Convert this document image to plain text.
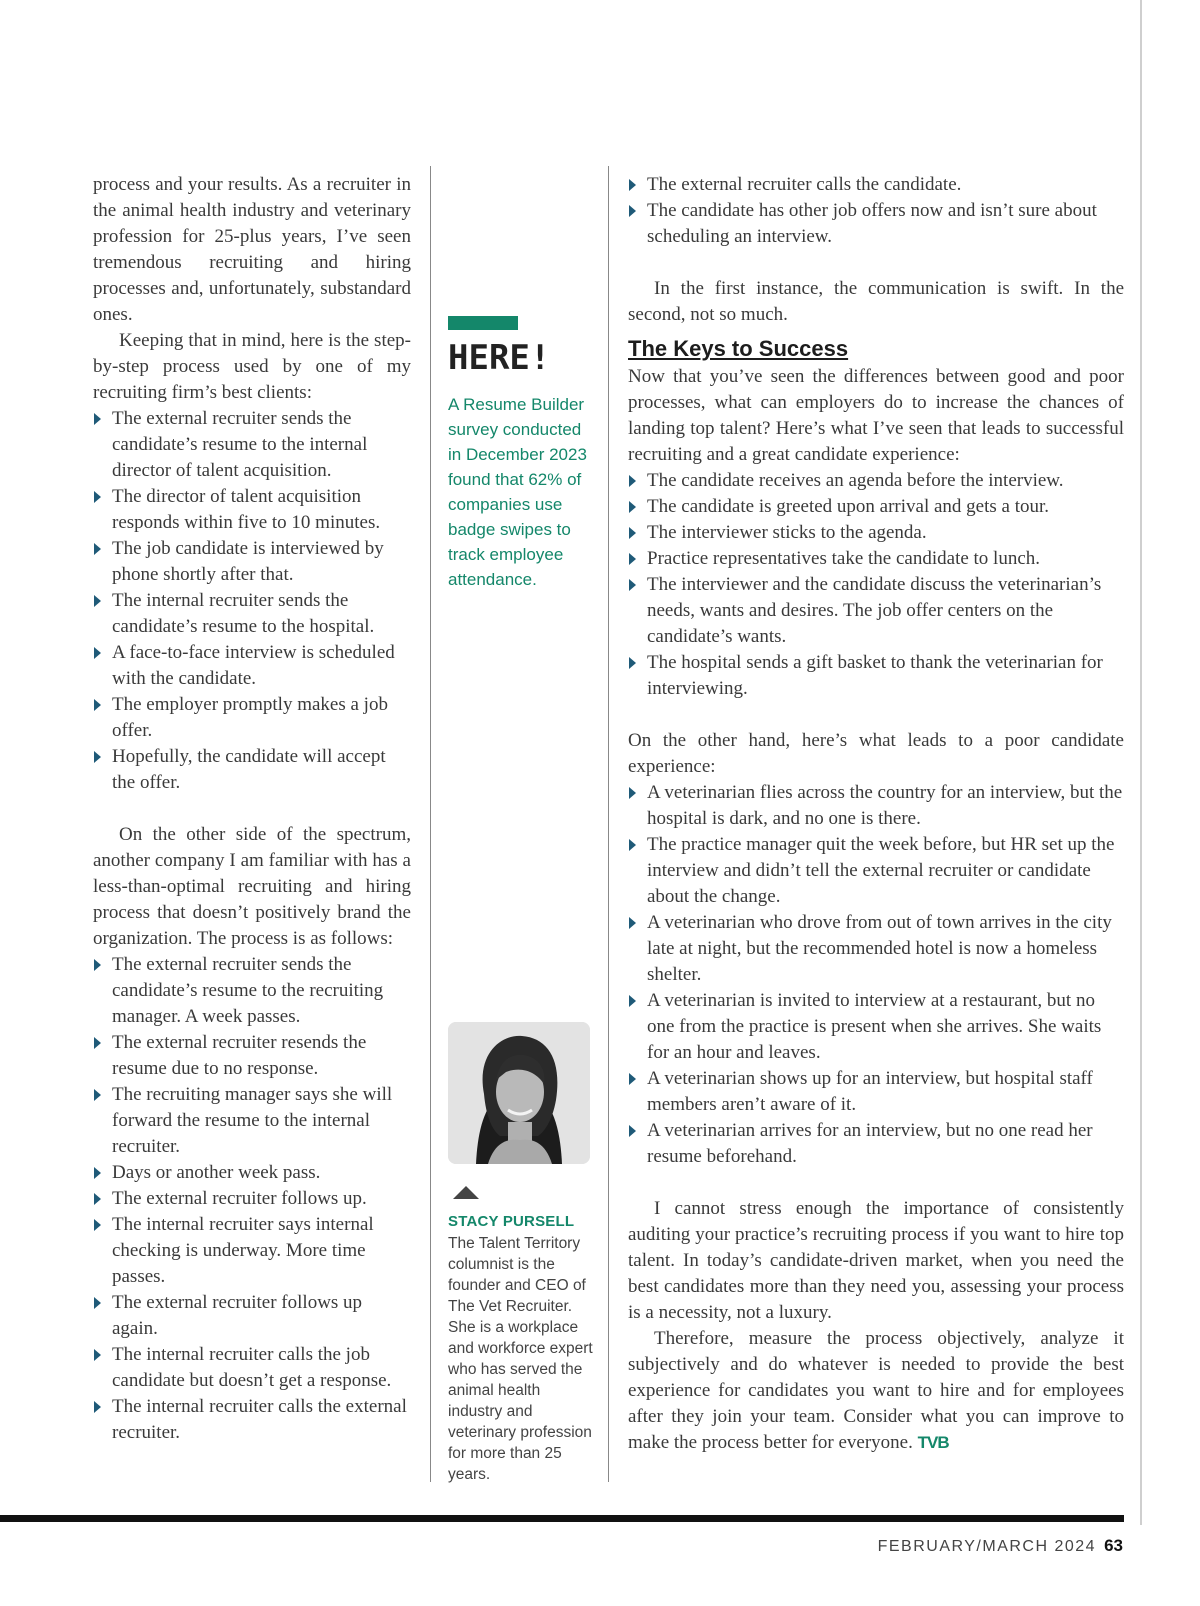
process and your results. As a recruiter in the animal health industry and veterinary profession for 25-plus years, I’ve seen tremendous recruiting and hiring processes and, unfortunately, substandard ones.

Keeping that in mind, here is the step-by-step process used by one of my recruiting firm’s best clients:

The external recruiter sends the candidate’s resume to the internal director of talent acquisition.
The director of talent acquisition responds within five to 10 minutes.
The job candidate is interviewed by phone shortly after that.
The internal recruiter sends the candidate’s resume to the hospital.
A face-to-face interview is scheduled with the candidate.
The employer promptly makes a job offer.
Hopefully, the candidate will accept the offer.

On the other side of the spectrum, another company I am familiar with has a less-than-optimal recruiting and hiring process that doesn’t positively brand the organization. The process is as follows:

The external recruiter sends the candidate’s resume to the recruiting manager. A week passes.
The external recruiter resends the resume due to no response.
The recruiting manager says she will forward the resume to the internal recruiter.
Days or another week pass.
The external recruiter follows up.
The internal recruiter says internal checking is underway. More time passes.
The external recruiter follows up again.
The internal recruiter calls the job candidate but doesn’t get a response.
The internal recruiter calls the external recruiter.
HERE!
A Resume Builder survey conducted in December 2023 found that 62% of companies use badge swipes to track employee attendance.
STACY PURSELL
The Talent Territory columnist is the founder and CEO of The Vet Recruiter. She is a workplace and workforce expert who has served the animal health industry and veterinary profession for more than 25 years.
The external recruiter calls the candidate.
The candidate has other job offers now and isn’t sure about scheduling an interview.

In the first instance, the communication is swift. In the second, not so much.

The Keys to Success

Now that you’ve seen the differences between good and poor processes, what can employers do to increase the chances of landing top talent? Here’s what I’ve seen that leads to successful recruiting and a great candidate experience:

The candidate receives an agenda before the interview.
The candidate is greeted upon arrival and gets a tour.
The interviewer sticks to the agenda.
Practice representatives take the candidate to lunch.
The interviewer and the candidate discuss the veterinarian’s needs, wants and desires. The job offer centers on the candidate’s wants.
The hospital sends a gift basket to thank the veterinarian for interviewing.

On the other hand, here’s what leads to a poor candidate experience:

A veterinarian flies across the country for an interview, but the hospital is dark, and no one is there.
The practice manager quit the week before, but HR set up the interview and didn’t tell the external recruiter or candidate about the change.
A veterinarian who drove from out of town arrives in the city late at night, but the recommended hotel is now a homeless shelter.
A veterinarian is invited to interview at a restaurant, but no one from the practice is present when she arrives. She waits for an hour and leaves.
A veterinarian shows up for an interview, but hospital staff members aren’t aware of it.
A veterinarian arrives for an interview, but no one read her resume beforehand.

I cannot stress enough the importance of consistently auditing your practice’s recruiting process if you want to hire top talent. In today’s candidate-driven market, when you need the best candidates more than they need you, assessing your process is a necessity, not a luxury.

Therefore, measure the process objectively, analyze it subjectively and do whatever is needed to provide the best experience for candidates you want to hire and for employees after they join your team. Consider what you can improve to make the process better for everyone. TVB

FEBRUARY/MARCH 2024 63
